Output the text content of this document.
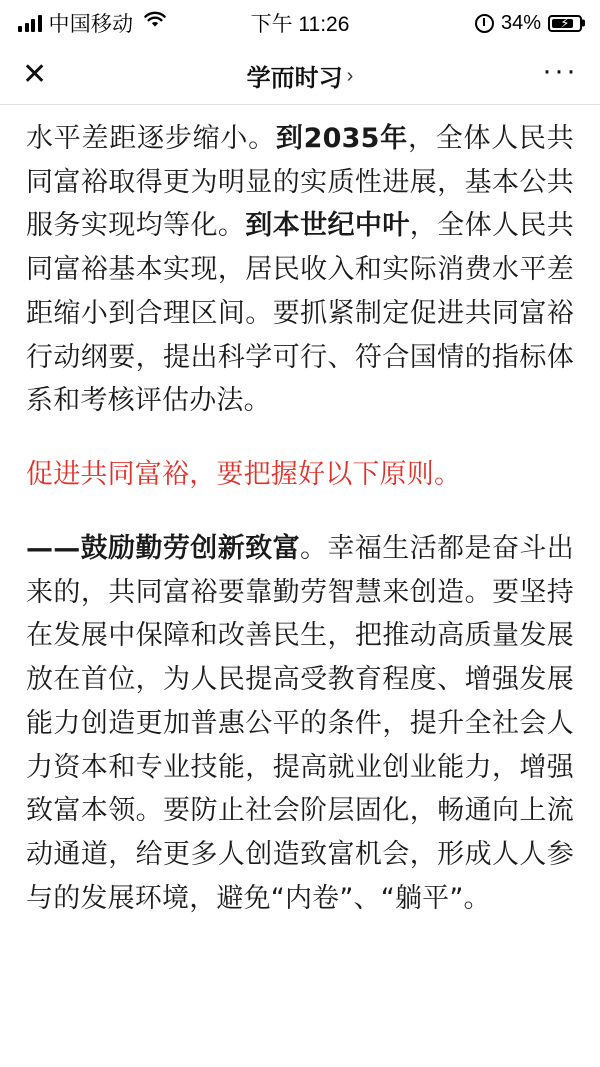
中国移动	下午 11:26	34% ⚡
✕	学而时习 ›	···
水平差距逐步缩小。到2035年，全体人民共同富裕取得更为明显的实质性进展，基本公共服务实现均等化。到本世纪中叶，全体人民共同富裕基本实现，居民收入和实际消费水平差距缩小到合理区间。要抓紧制定促进共同富裕行动纲要，提出科学可行、符合国情的指标体系和考核评估办法。
促进共同富裕，要把握好以下原则。
——鼓励勤劳创新致富。幸福生活都是奋斗出来的，共同富裕要靠勤劳智慧来创造。要坚持在发展中保障和改善民生，把推动高质量发展放在首位，为人民提高受教育程度、增强发展能力创造更加普惠公平的条件，提升全社会人力资本和专业技能，提高就业创业能力，增强致富本领。要防止社会阶层固化，畅通向上流动通道，给更多人创造致富机会，形成人人参与的发展环境，避免“内卷”、“躺平”。
